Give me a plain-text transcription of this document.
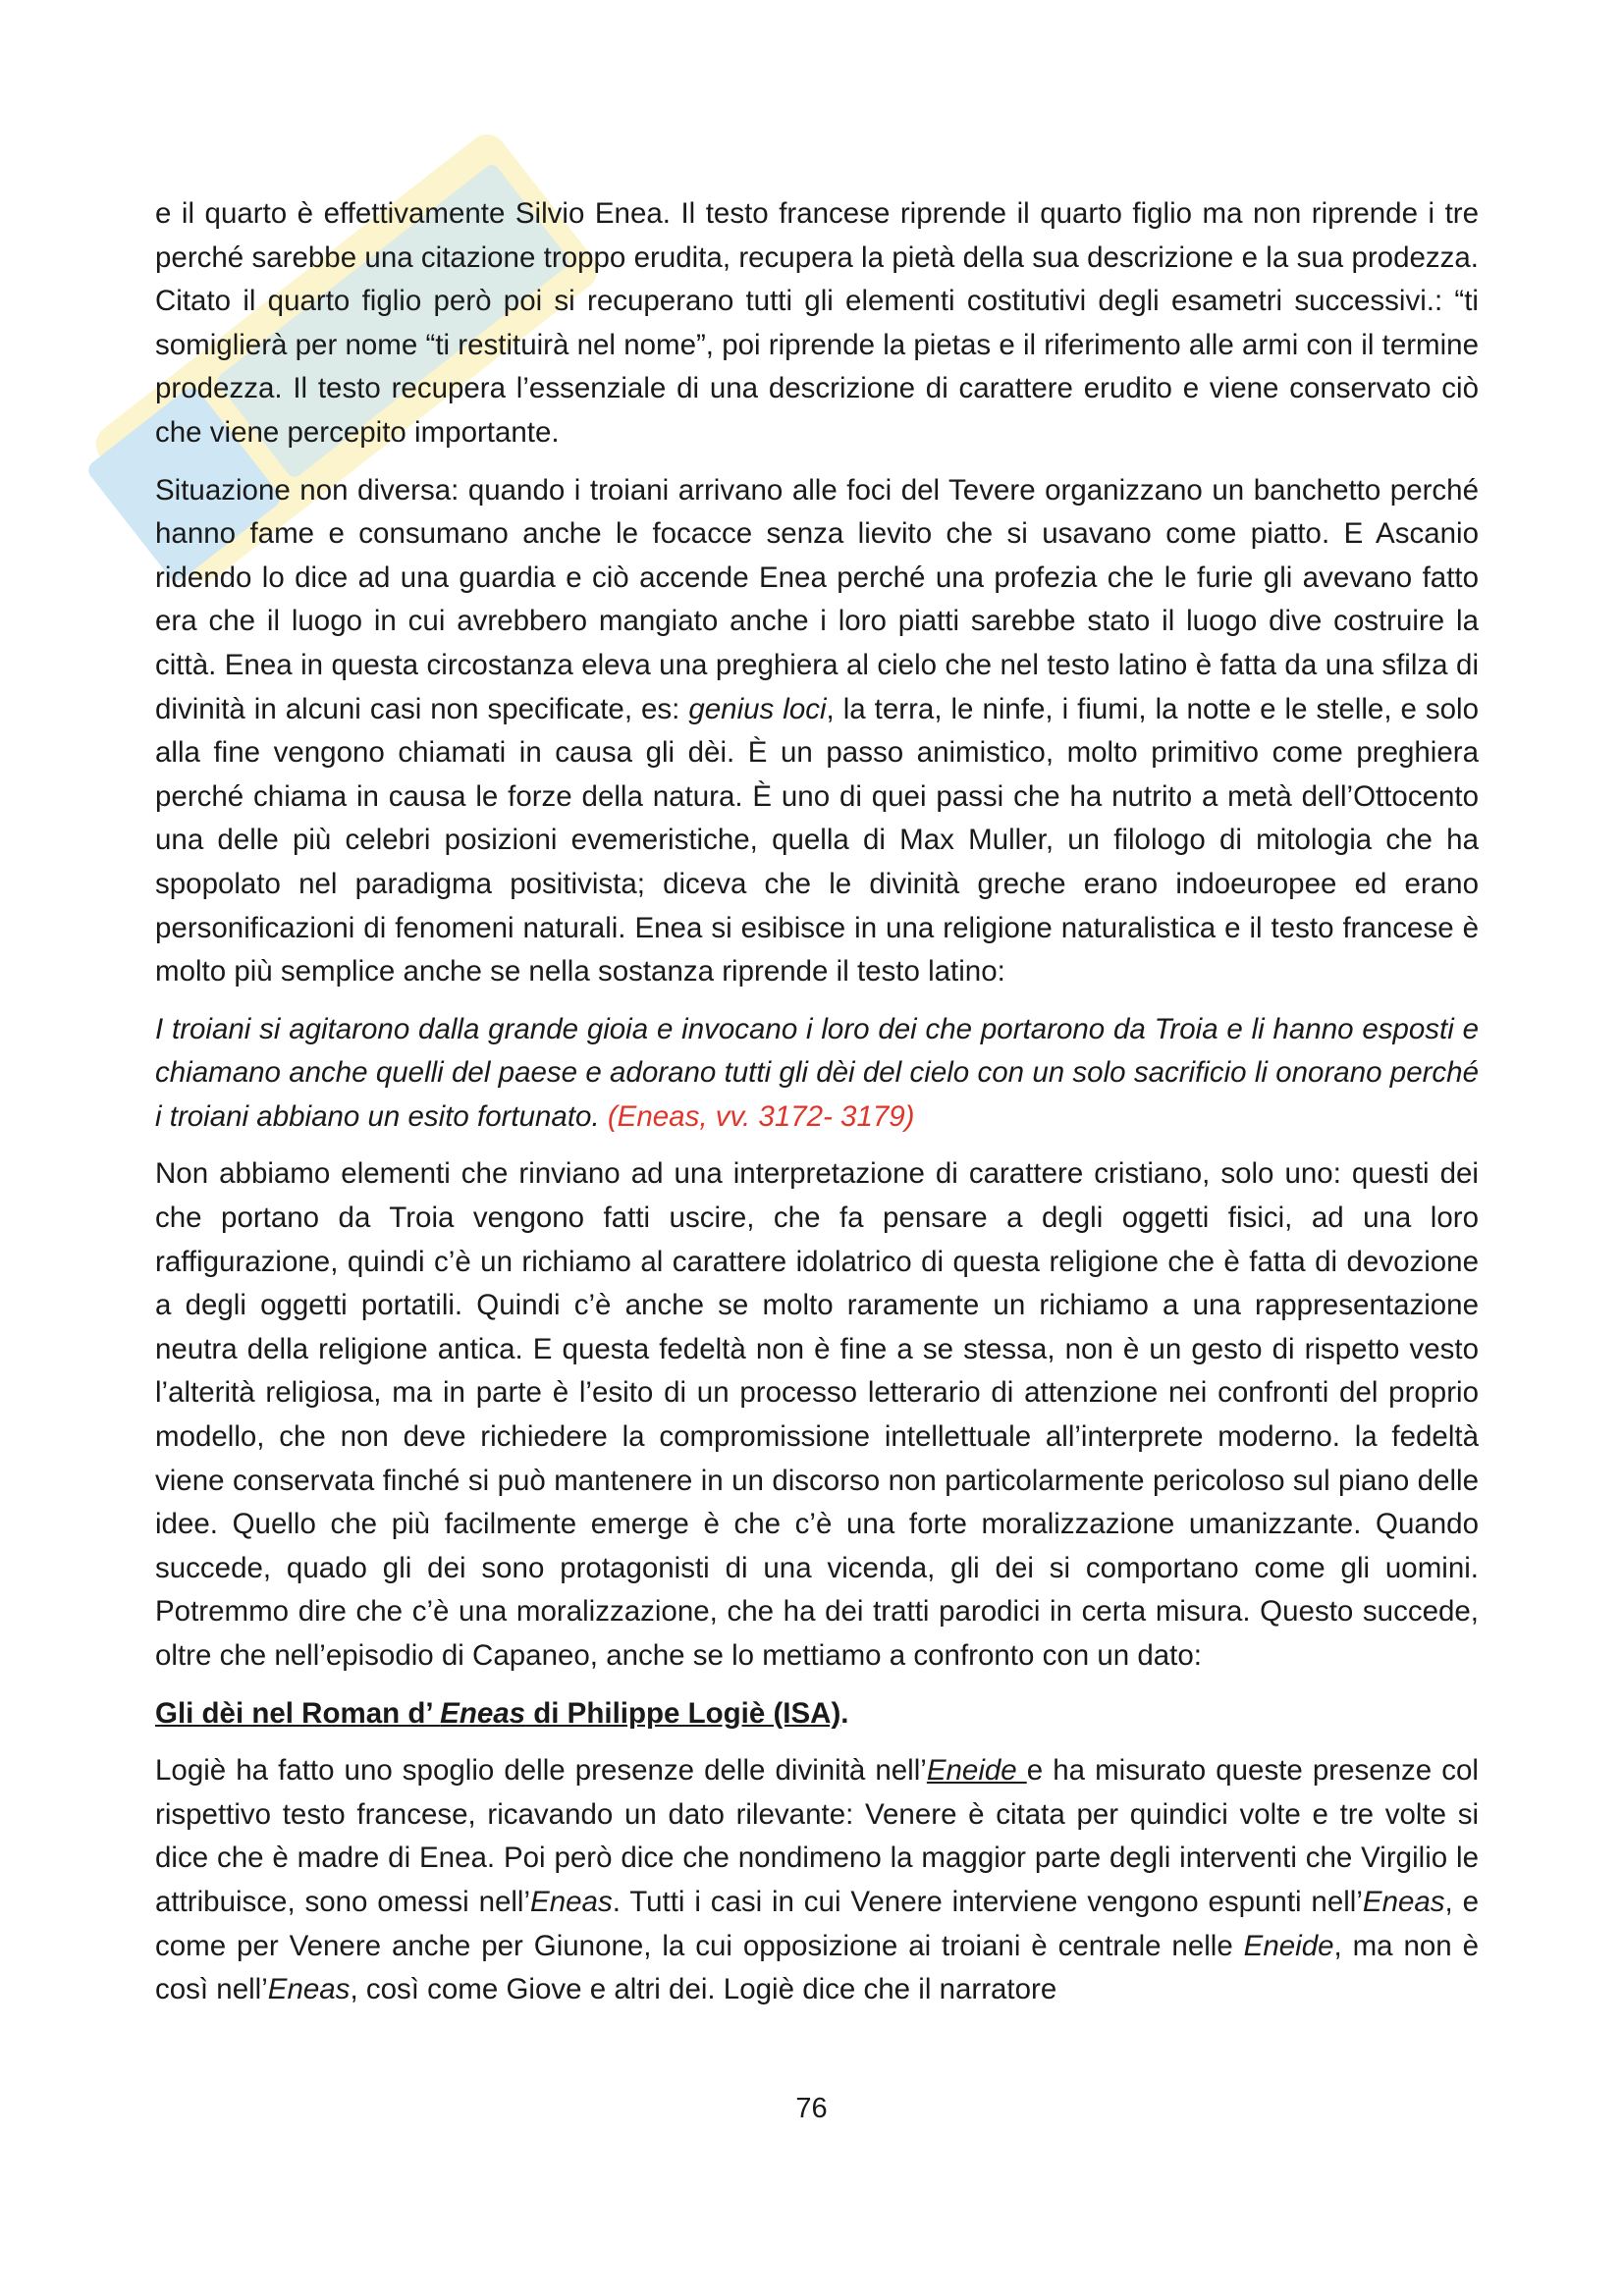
e il quarto è effettivamente Silvio Enea. Il testo francese riprende il quarto figlio ma non riprende i tre perché sarebbe una citazione troppo erudita, recupera la pietà della sua descrizione e la sua prodezza. Citato il quarto figlio però poi si recuperano tutti gli elementi costitutivi degli esametri successivi.: “ti somiglierà per nome “ti restituirà nel nome”, poi riprende la pietas e il riferimento alle armi con il termine prodezza. Il testo recupera l’essenziale di una descrizione di carattere erudito e viene conservato ciò che viene percepito importante.

Situazione non diversa: quando i troiani arrivano alle foci del Tevere organizzano un banchetto perché hanno fame e consumano anche le focacce senza lievito che si usavano come piatto. E Ascanio ridendo lo dice ad una guardia e ciò accende Enea perché una profezia che le furie gli avevano fatto era che il luogo in cui avrebbero mangiato anche i loro piatti sarebbe stato il luogo dive costruire la città. Enea in questa circostanza eleva una preghiera al cielo che nel testo latino è fatta da una sfilza di divinità in alcuni casi non specificate, es: genius loci, la terra, le ninfe, i fiumi, la notte e le stelle, e solo alla fine vengono chiamati in causa gli dèi. È un passo animistico, molto primitivo come preghiera perché chiama in causa le forze della natura. È uno di quei passi che ha nutrito a metà dell’Ottocento una delle più celebri posizioni evemeristiche, quella di Max Muller, un filologo di mitologia che ha spopolato nel paradigma positivista; diceva che le divinità greche erano indoeuropee ed erano personificazioni di fenomeni naturali. Enea si esibisce in una religione naturalistica e il testo francese è molto più semplice anche se nella sostanza riprende il testo latino:

I troiani si agitarono dalla grande gioia e invocano i loro dei che portarono da Troia e li hanno esposti e chiamano anche quelli del paese e adorano tutti gli dèi del cielo con un solo sacrificio li onorano perché i troiani abbiano un esito fortunato. (Eneas, vv. 3172- 3179)

Non abbiamo elementi che rinviano ad una interpretazione di carattere cristiano, solo uno: questi dei che portano da Troia vengono fatti uscire, che fa pensare a degli oggetti fisici, ad una loro raffigurazione, quindi c’è un richiamo al carattere idolatrico di questa religione che è fatta di devozione a degli oggetti portatili. Quindi c’è anche se molto raramente un richiamo a una rappresentazione neutra della religione antica. E questa fedeltà non è fine a se stessa, non è un gesto di rispetto vesto l’alterità religiosa, ma in parte è l’esito di un processo letterario di attenzione nei confronti del proprio modello, che non deve richiedere la compromissione intellettuale all’interprete moderno. la fedeltà viene conservata finché si può mantenere in un discorso non particolarmente pericoloso sul piano delle idee. Quello che più facilmente emerge è che c’è una forte moralizzazione umanizzante. Quando succede, quado gli dei sono protagonisti di una vicenda, gli dei si comportano come gli uomini. Potremmo dire che c’è una moralizzazione, che ha dei tratti parodici in certa misura. Questo succede, oltre che nell’episodio di Capaneo, anche se lo mettiamo a confronto con un dato:

Gli dèi nel Roman d’ Eneas di Philippe Logiè (ISA).

Logiè ha fatto uno spoglio delle presenze delle divinità nell’Eneide e ha misurato queste presenze col rispettivo testo francese, ricavando un dato rilevante: Venere è citata per quindici volte e tre volte si dice che è madre di Enea. Poi però dice che nondimeno la maggior parte degli interventi che Virgilio le attribuisce, sono omessi nell’Eneas. Tutti i casi in cui Venere interviene vengono espunti nell’Eneas, e come per Venere anche per Giunone, la cui opposizione ai troiani è centrale nelle Eneide, ma non è così nell’Eneas, così come Giove e altri dei. Logiè dice che il narratore

76
